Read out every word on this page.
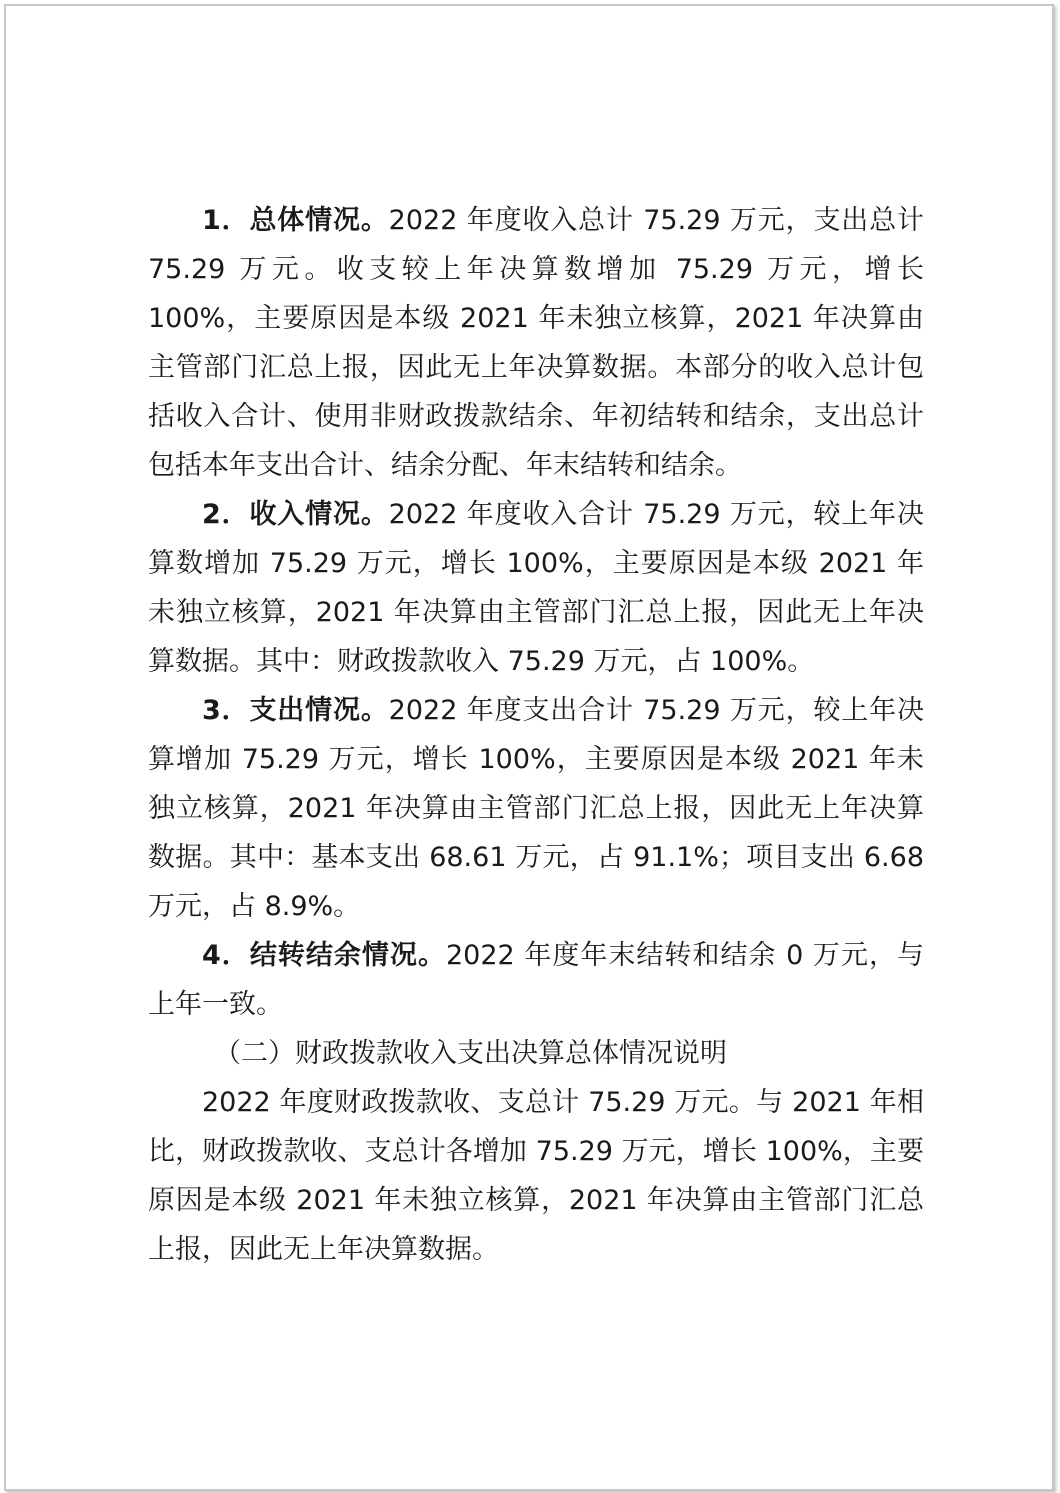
1．总体情况。2022 年度收入总计 75.29 万元，支出总计 75.29 万元。收支较上年决算数增加 75.29 万元，增长 100%，主要原因是本级 2021 年未独立核算，2021 年决算由主管部门汇总上报，因此无上年决算数据。本部分的收入总计包括收入合计、使用非财政拨款结余、年初结转和结余，支出总计包括本年支出合计、结余分配、年末结转和结余。

2．收入情况。2022 年度收入合计 75.29 万元，较上年决算数增加 75.29 万元，增长 100%，主要原因是本级 2021 年未独立核算，2021 年决算由主管部门汇总上报，因此无上年决算数据。其中：财政拨款收入 75.29 万元，占 100%。

3．支出情况。2022 年度支出合计 75.29 万元，较上年决算增加 75.29 万元，增长 100%，主要原因是本级 2021 年未独立核算，2021 年决算由主管部门汇总上报，因此无上年决算数据。其中：基本支出 68.61 万元，占 91.1%；项目支出 6.68 万元，占 8.9%。

4．结转结余情况。2022 年度年末结转和结余 0 万元，与上年一致。

（二）财政拨款收入支出决算总体情况说明

2022 年度财政拨款收、支总计 75.29 万元。与 2021 年相比，财政拨款收、支总计各增加 75.29 万元，增长 100%，主要原因是本级 2021 年未独立核算，2021 年决算由主管部门汇总上报，因此无上年决算数据。
